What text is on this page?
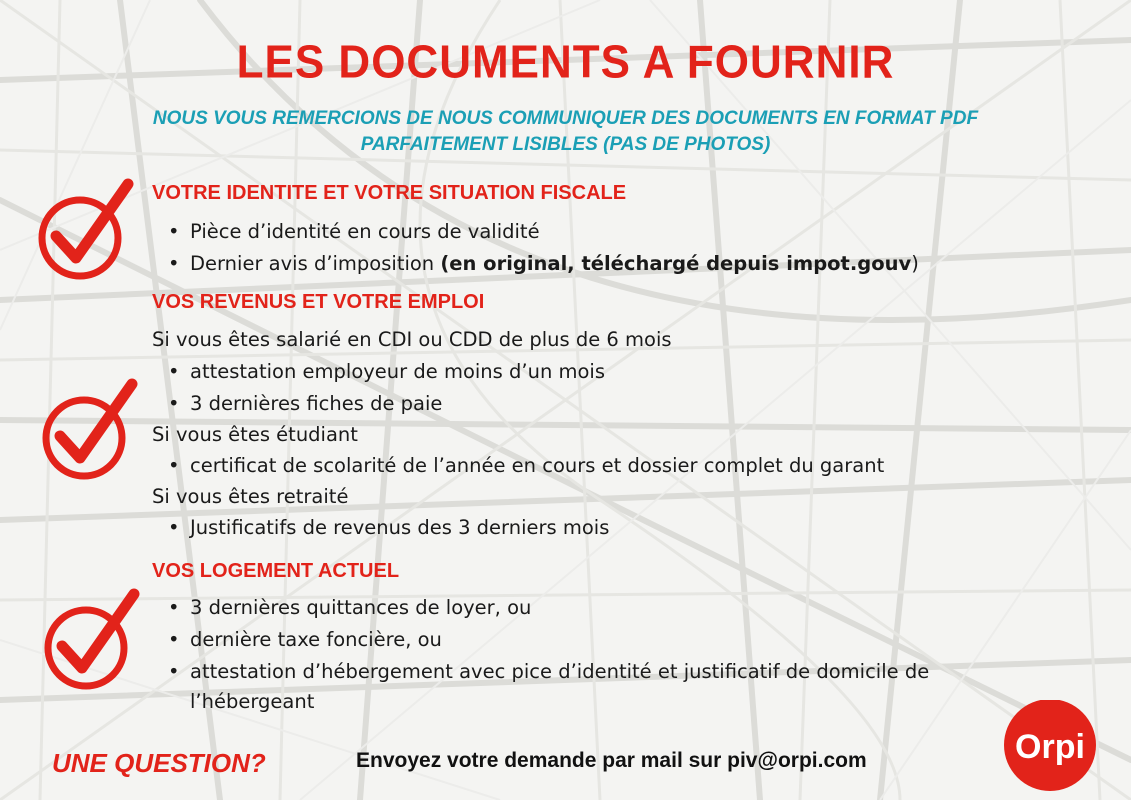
LES DOCUMENTS A FOURNIR
NOUS VOUS REMERCIONS DE NOUS COMMUNIQUER DES DOCUMENTS EN FORMAT PDF
PARFAITEMENT LISIBLES (PAS DE PHOTOS)
VOTRE IDENTITE ET VOTRE SITUATION FISCALE
• Pièce d’identité en cours de validité
• Dernier avis d’imposition (en original, téléchargé depuis impot.gouv)
VOS REVENUS ET VOTRE EMPLOI
Si vous êtes salarié en CDI ou CDD de plus de 6 mois
• attestation employeur de moins d’un mois
• 3 dernières fiches de paie
Si vous êtes étudiant
• certificat de scolarité de l’année en cours et dossier complet du garant
Si vous êtes retraité
• Justificatifs de revenus des 3 derniers mois
VOS LOGEMENT ACTUEL
• 3 dernières quittances de loyer, ou
• dernière taxe foncière, ou
• attestation d’hébergement avec pice d’identité et justificatif de domicile de
l’hébergeant
UNE QUESTION?	Envoyez votre demande par mail sur piv@orpi.com	Orpi
